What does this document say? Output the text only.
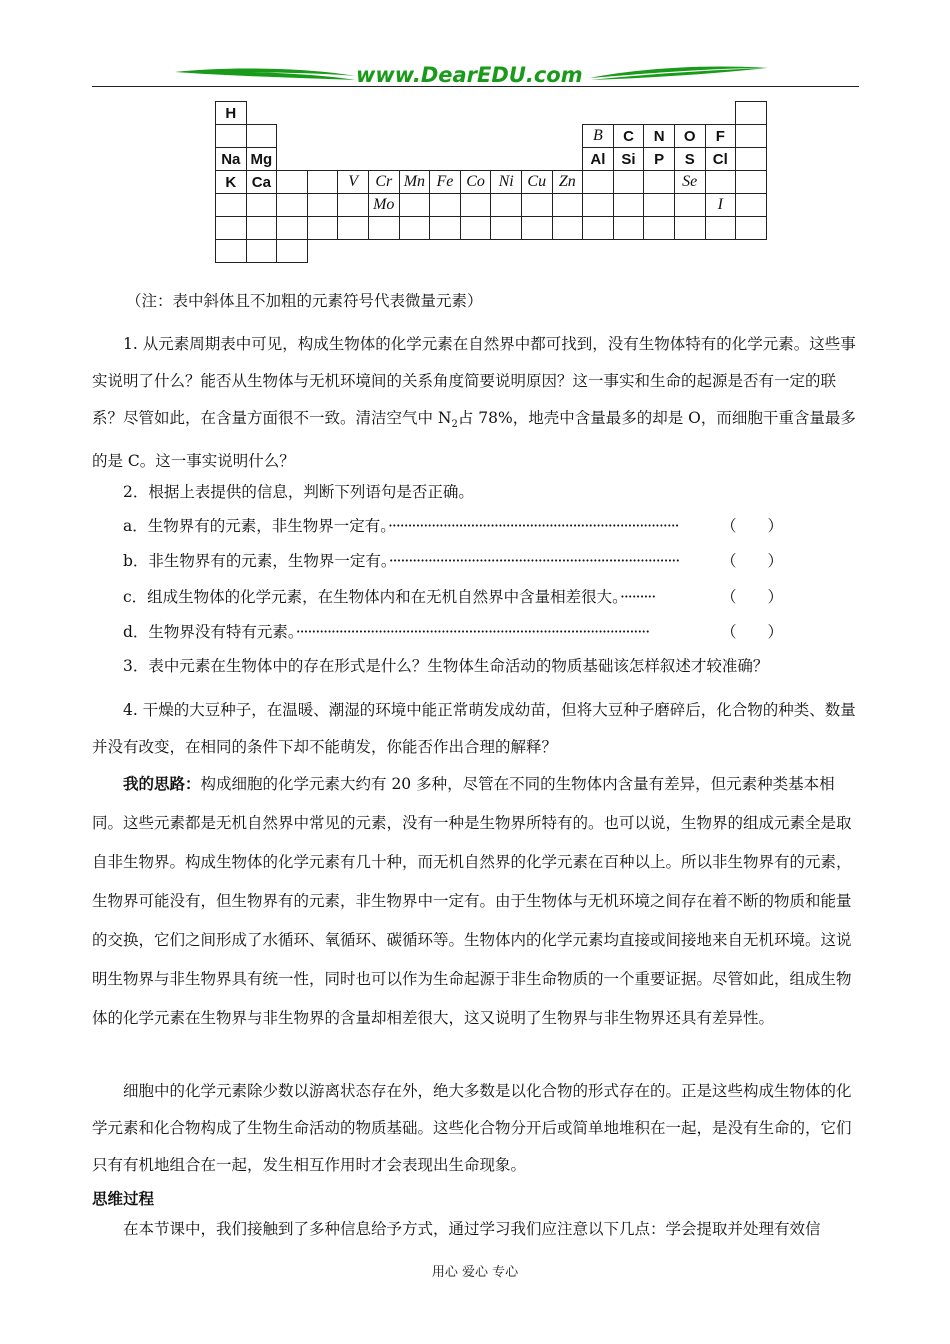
www.DearEDU.com
H																	
												B	C	N	O	F	
Na	Mg											Al	Si	P	S	Cl	
K	Ca			V	Cr	Mn	Fe	Co	Ni	Cu	Zn				Se		
					Mo											I	

（注：表中斜体且不加粗的元素符号代表微量元素）
1. 从元素周期表中可见，构成生物体的化学元素在自然界中都可找到，没有生物体特有的化学元素。这些事实说明了什么？能否从生物体与无机环境间的关系角度简要说明原因？这一事实和生命的起源是否有一定的联系？尽管如此，在含量方面很不一致。清洁空气中 $N_2$占 78%，地壳中含量最多的却是 O，而细胞干重含量最多的是 C。这一事实说明什么？
2．根据上表提供的信息，判断下列语句是否正确。
a．生物界有的元素，非生物界一定有。··········································································	（　　）
b．非生物界有的元素，生物界一定有。··········································································	（　　）
c．组成生物体的化学元素，在生物体内和在无机自然界中含量相差很大。·········	（　　）
d．生物界没有特有元素。··························································································	（　　）
3．表中元素在生物体中的存在形式是什么？生物体生命活动的物质基础该怎样叙述才较准确？
4. 干燥的大豆种子，在温暖、潮湿的环境中能正常萌发成幼苗，但将大豆种子磨碎后，化合物的种类、数量并没有改变，在相同的条件下却不能萌发，你能否作出合理的解释？
我的思路：构成细胞的化学元素大约有 20 多种，尽管在不同的生物体内含量有差异，但元素种类基本相同。这些元素都是无机自然界中常见的元素，没有一种是生物界所特有的。也可以说，生物界的组成元素全是取自非生物界。构成生物体的化学元素有几十种，而无机自然界的化学元素在百种以上。所以非生物界有的元素，生物界可能没有，但生物界有的元素，非生物界中一定有。由于生物体与无机环境之间存在着不断的物质和能量的交换，它们之间形成了水循环、氧循环、碳循环等。生物体内的化学元素均直接或间接地来自无机环境。这说明生物界与非生物界具有统一性，同时也可以作为生命起源于非生命物质的一个重要证据。尽管如此，组成生物体的化学元素在生物界与非生物界的含量却相差很大，这又说明了生物界与非生物界还具有差异性。
细胞中的化学元素除少数以游离状态存在外，绝大多数是以化合物的形式存在的。正是这些构成生物体的化学元素和化合物构成了生物生命活动的物质基础。这些化合物分开后或简单地堆积在一起，是没有生命的，它们只有有机地组合在一起，发生相互作用时才会表现出生命现象。
思维过程
在本节课中，我们接触到了多种信息给予方式，通过学习我们应注意以下几点：学会提取并处理有效信
用心 爱心 专心
